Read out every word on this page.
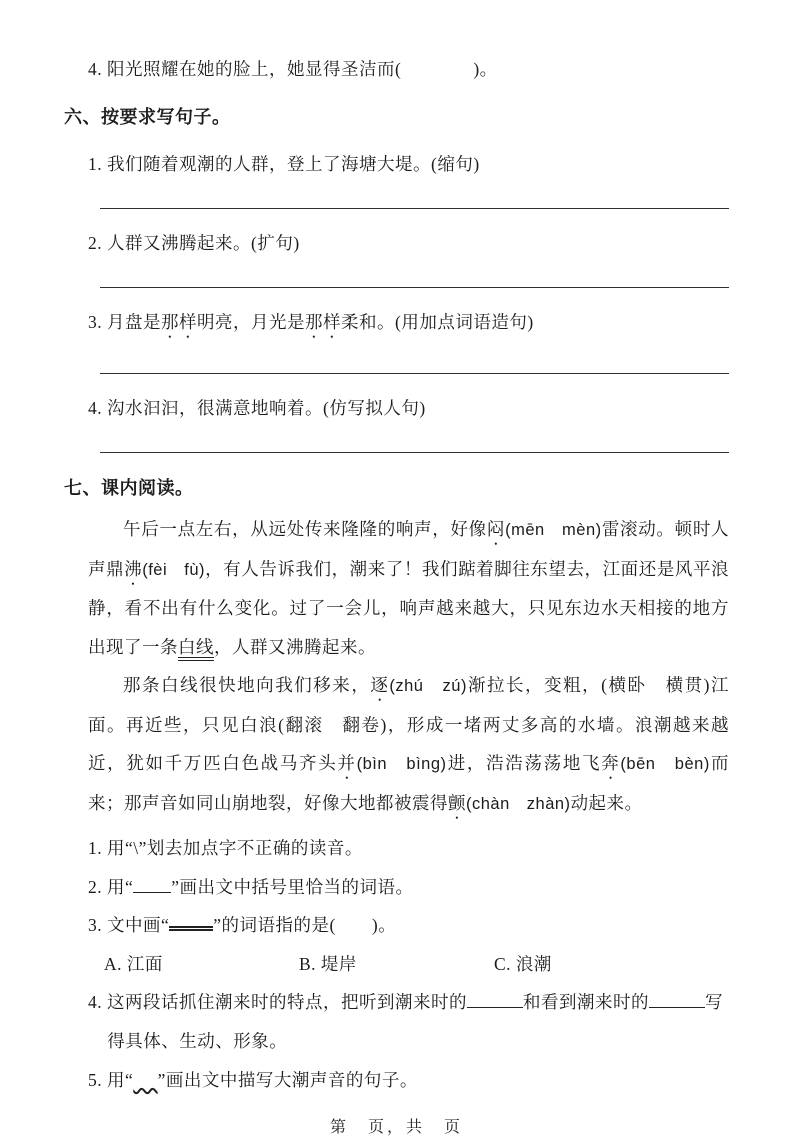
4. 阳光照耀在她的脸上，她显得圣洁而(　　　　)。
六、按要求写句子。
1. 我们随着观潮的人群，登上了海塘大堤。(缩句)
2. 人群又沸腾起来。(扩句)
3. 月盘是那样明亮，月光是那样柔和。(用加点词语造句)
4. 沟水汩汩，很满意地响着。(仿写拟人句)
七、课内阅读。

午后一点左右，从远处传来隆隆的响声，好像闷(mēn　mèn)雷滚动。顿时人声鼎沸(fèi　fù)，有人告诉我们，潮来了！我们踮着脚往东望去，江面还是风平浪静，看不出有什么变化。过了一会儿，响声越来越大，只见东边水天相接的地方出现了一条白线，人群又沸腾起来。

那条白线很快地向我们移来，逐(zhú　zú)渐拉长，变粗，(横卧　横贯)江面。再近些，只见白浪(翻滚　翻卷)，形成一堵两丈多高的水墙。浪潮越来越近，犹如千万匹白色战马齐头并(bìn　bìng)进，浩浩荡荡地飞奔(bēn　bèn)而来；那声音如同山崩地裂，好像大地都被震得颤(chàn　zhàn)动起来。

1. 用“\”划去加点字不正确的读音。
2. 用“ ”画出文中括号里恰当的词语。
3. 文中画“	”的词语指的是(　　)。
A. 江面	B. 堤岸	C. 浪潮
4. 这两段话抓住潮来时的特点，把听到潮来时的	和看到潮来时的	写得具体、生动、形象。
5. 用“ ”画出文中描写大潮声音的句子。
第　页，共　页
